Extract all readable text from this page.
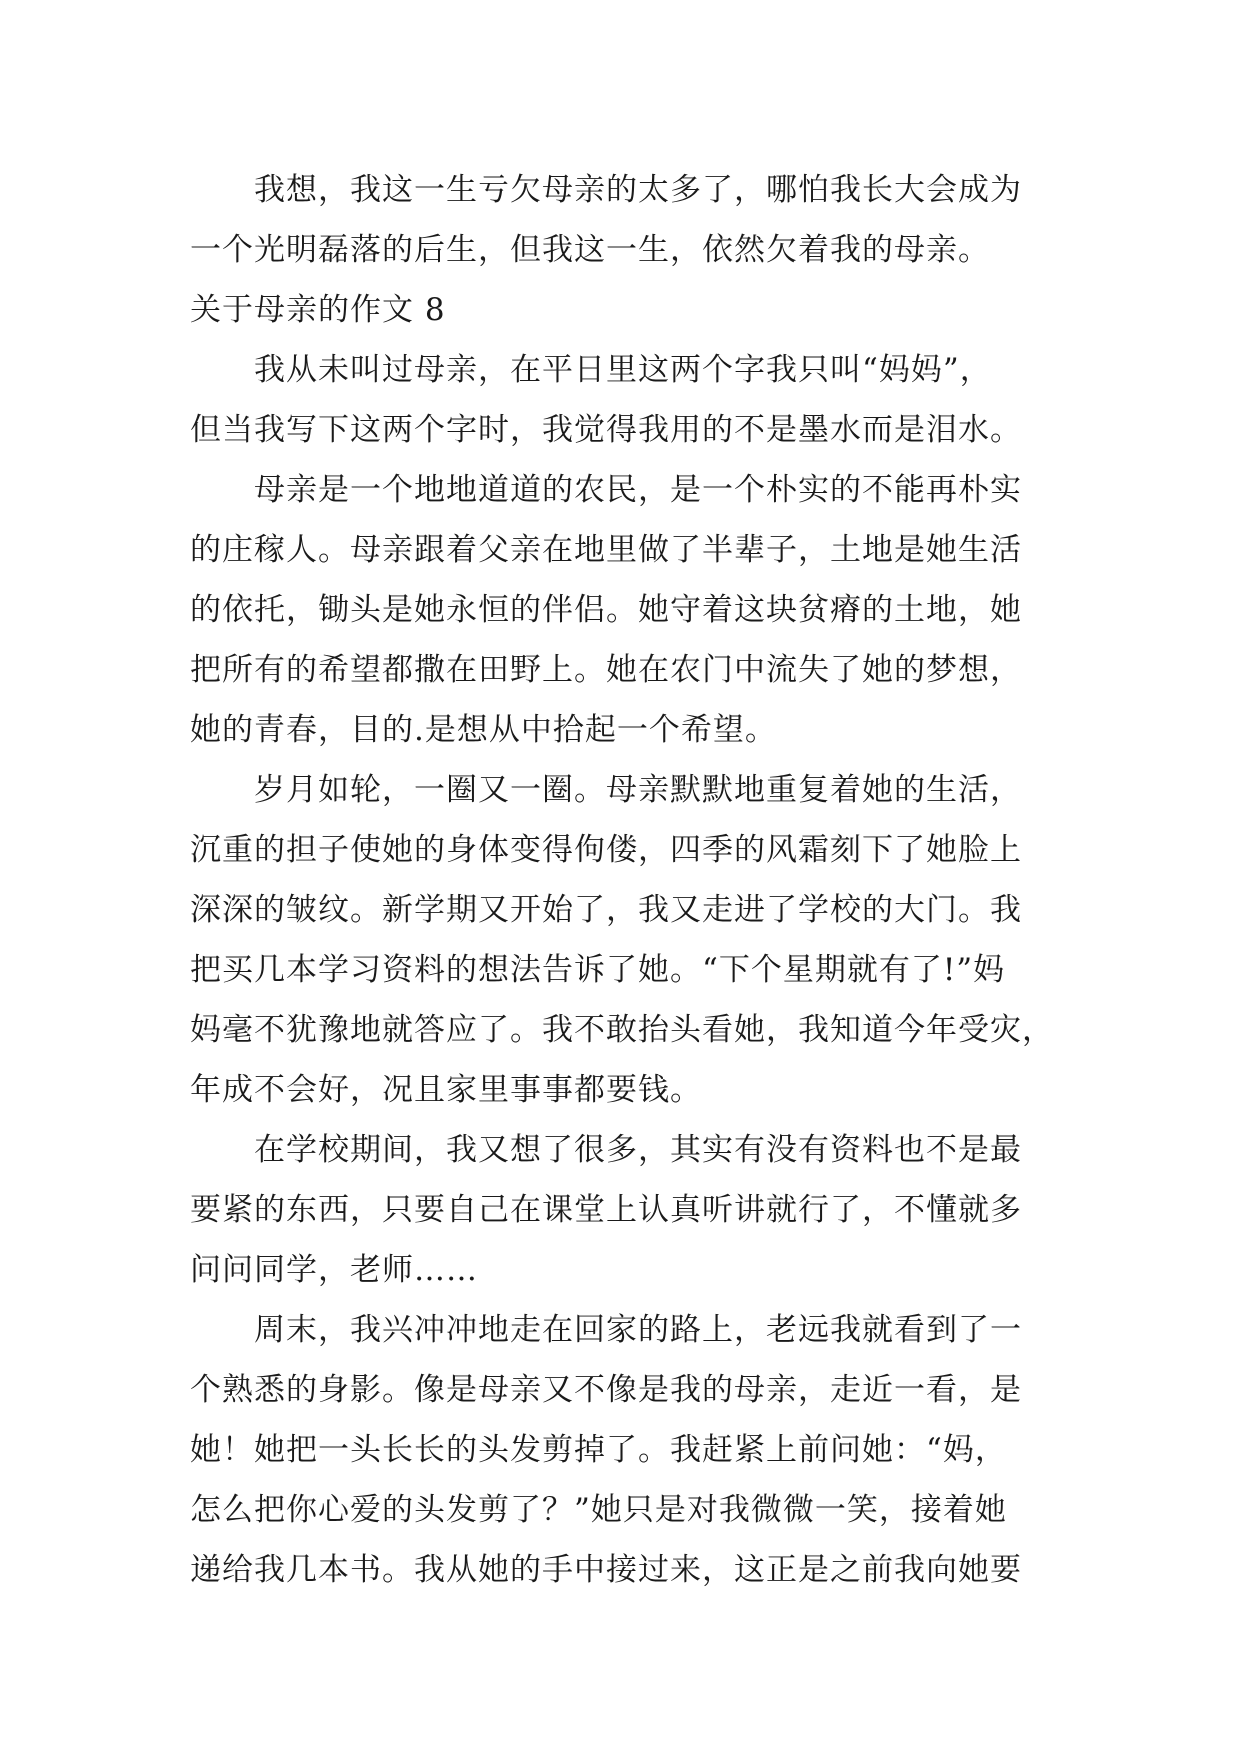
我想，我这一生亏欠母亲的太多了，哪怕我长大会成为
一个光明磊落的后生，但我这一生，依然欠着我的母亲。
关于母亲的作文 8
我从未叫过母亲，在平日里这两个字我只叫“妈妈”，
但当我写下这两个字时，我觉得我用的不是墨水而是泪水。
母亲是一个地地道道的农民，是一个朴实的不能再朴实
的庄稼人。母亲跟着父亲在地里做了半辈子，土地是她生活
的依托，锄头是她永恒的伴侣。她守着这块贫瘠的土地，她
把所有的希望都撒在田野上。她在农门中流失了她的梦想，
她的青春，目的.是想从中拾起一个希望。
岁月如轮，一圈又一圈。母亲默默地重复着她的生活，
沉重的担子使她的身体变得佝偻，四季的风霜刻下了她脸上
深深的皱纹。新学期又开始了，我又走进了学校的大门。我
把买几本学习资料的想法告诉了她。“下个星期就有了!”妈
妈毫不犹豫地就答应了。我不敢抬头看她，我知道今年受灾，
年成不会好，况且家里事事都要钱。
在学校期间，我又想了很多，其实有没有资料也不是最
要紧的东西，只要自己在课堂上认真听讲就行了，不懂就多
问问同学，老师……
周末，我兴冲冲地走在回家的路上，老远我就看到了一
个熟悉的身影。像是母亲又不像是我的母亲，走近一看，是
她！她把一头长长的头发剪掉了。我赶紧上前问她：“妈，
怎么把你心爱的头发剪了？”她只是对我微微一笑，接着她
递给我几本书。我从她的手中接过来，这正是之前我向她要
